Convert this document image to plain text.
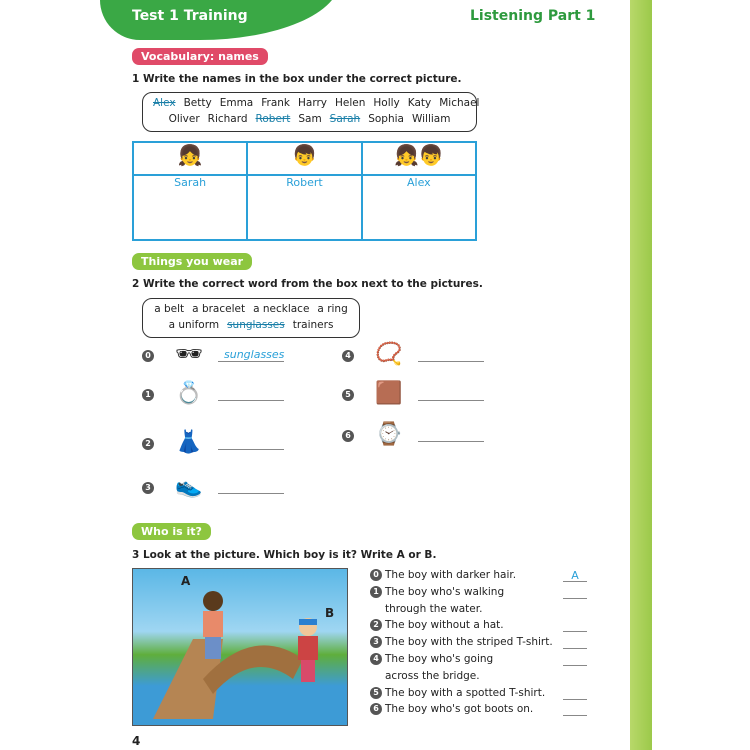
Test 1 Training	Listening Part 1
Vocabulary: names
1 Write the names in the box under the correct picture.
Alex Betty Emma Frank Harry Helen Holly Katy Michael
Oliver Richard Robert Sam Sarah Sophia William
👧	👦	👧👦
Sarah	Robert	Alex
Things you wear
2 Write the correct word from the box next to the pictures.
a belt a bracelet a necklace a ring
a uniform sunglasses trainers
0	🕶	sunglasses
1	💍
2	👗
3	👟
4	📿
5	🟫
6	⌚
Who is it?
3 Look at the picture. Which boy is it? Write A or B.
A
B
0 The boy with darker hair.	A
1 The boy who's walking
through the water.
2 The boy without a hat.
3 The boy with the striped T-shirt.
4 The boy who's going
across the bridge.
5 The boy with a spotted T-shirt.
6 The boy who's got boots on.
4
